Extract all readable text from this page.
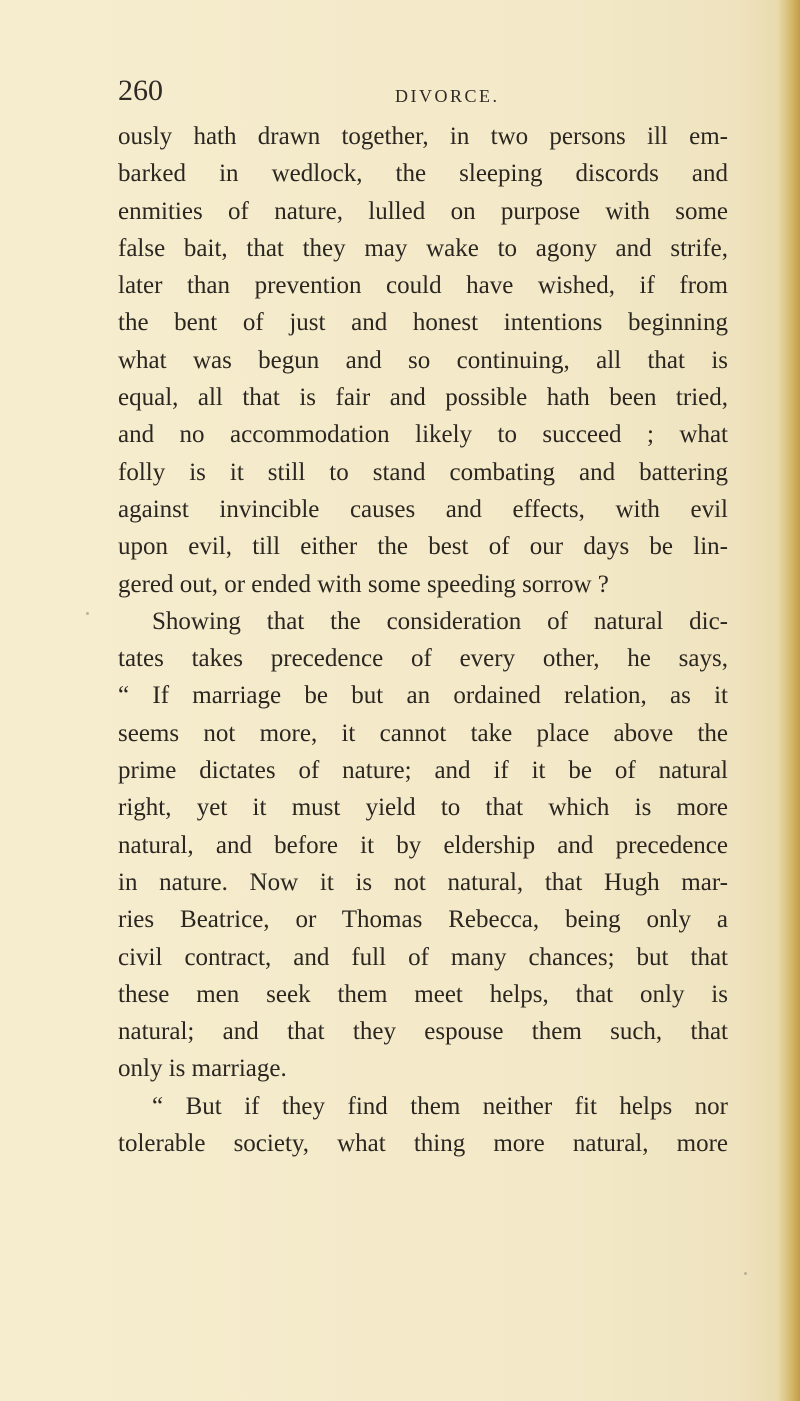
260	DIVORCE.
ously hath drawn together, in two persons ill em-
barked in wedlock, the sleeping discords and
enmities of nature, lulled on purpose with some
false bait, that they may wake to agony and strife,
later than prevention could have wished, if from
the bent of just and honest intentions beginning
what was begun and so continuing, all that is
equal, all that is fair and possible hath been tried,
and no accommodation likely to succeed ; what
folly is it still to stand combating and battering
against invincible causes and effects, with evil
upon evil, till either the best of our days be lin-
gered out, or ended with some speeding sorrow ?
Showing that the consideration of natural dic-
tates takes precedence of every other, he says,
“ If marriage be but an ordained relation, as it
seems not more, it cannot take place above the
prime dictates of nature; and if it be of natural
right, yet it must yield to that which is more
natural, and before it by eldership and precedence
in nature. Now it is not natural, that Hugh mar-
ries Beatrice, or Thomas Rebecca, being only a
civil contract, and full of many chances; but that
these men seek them meet helps, that only is
natural; and that they espouse them such, that
only is marriage.
“ But if they find them neither fit helps nor
tolerable society, what thing more natural, more
